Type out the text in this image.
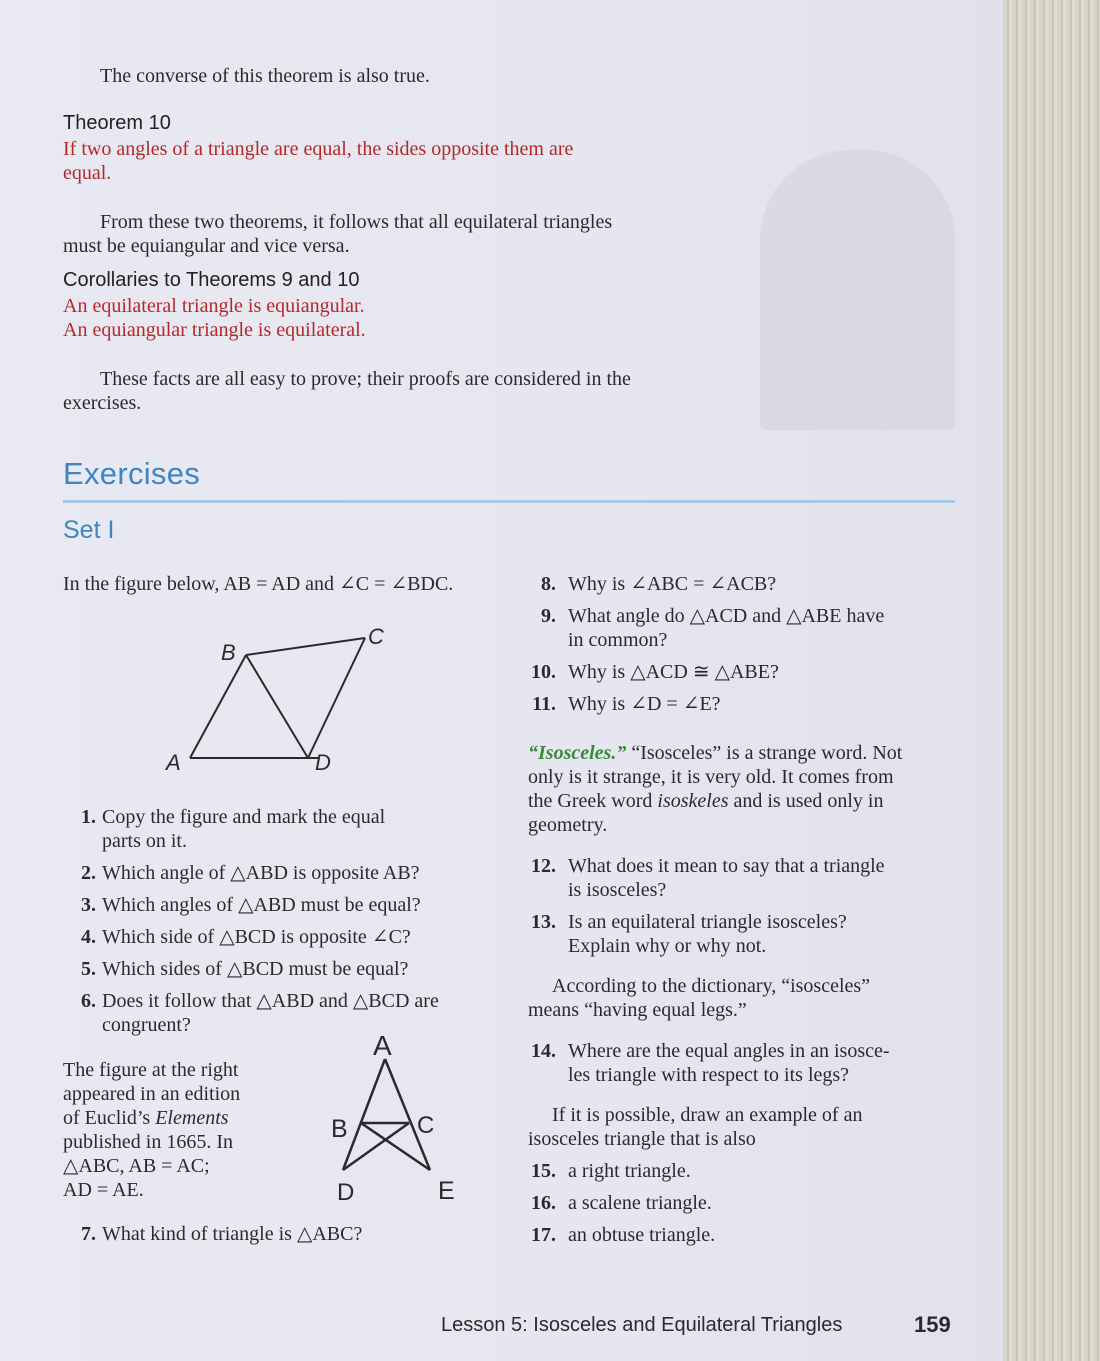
The converse of this theorem is also true.
Theorem 10
If two angles of a triangle are equal, the sides opposite them are
equal.
From these two theorems, it follows that all equilateral triangles
must be equiangular and vice versa.
Corollaries to Theorems 9 and 10
An equilateral triangle is equiangular.
An equiangular triangle is equilateral.
These facts are all easy to prove; their proofs are considered in the
exercises.
Exercises
Set I
In the figure below, AB = AD and ∠C = ∠BDC.
B
C
A	D
1. Copy the figure and mark the equal
parts on it.
2. Which angle of △ABD is opposite AB?
3. Which angles of △ABD must be equal?
4. Which side of △BCD is opposite ∠C?
5. Which sides of △BCD must be equal?
6. Does it follow that △ABD and △BCD are
congruent?
The figure at the right
appeared in an edition
of Euclid’s Elements
published in 1665. In
△ABC, AB = AC;
AD = AE.
A
B	C
D	E
7. What kind of triangle is △ABC?
8. Why is ∠ABC = ∠ACB?
9. What angle do △ACD and △ABE have
in common?
10. Why is △ACD ≅ △ABE?
11. Why is ∠D = ∠E?
“Isosceles.” “Isosceles” is a strange word. Not
only is it strange, it is very old. It comes from
the Greek word isoskeles and is used only in
geometry.
12. What does it mean to say that a triangle
is isosceles?
13. Is an equilateral triangle isosceles?
Explain why or why not.
According to the dictionary, “isosceles”
means “having equal legs.”
14. Where are the equal angles in an isosce-
les triangle with respect to its legs?
If it is possible, draw an example of an
isosceles triangle that is also
15. a right triangle.
16. a scalene triangle.
17. an obtuse triangle.
Lesson 5: Isosceles and Equilateral Triangles	159
